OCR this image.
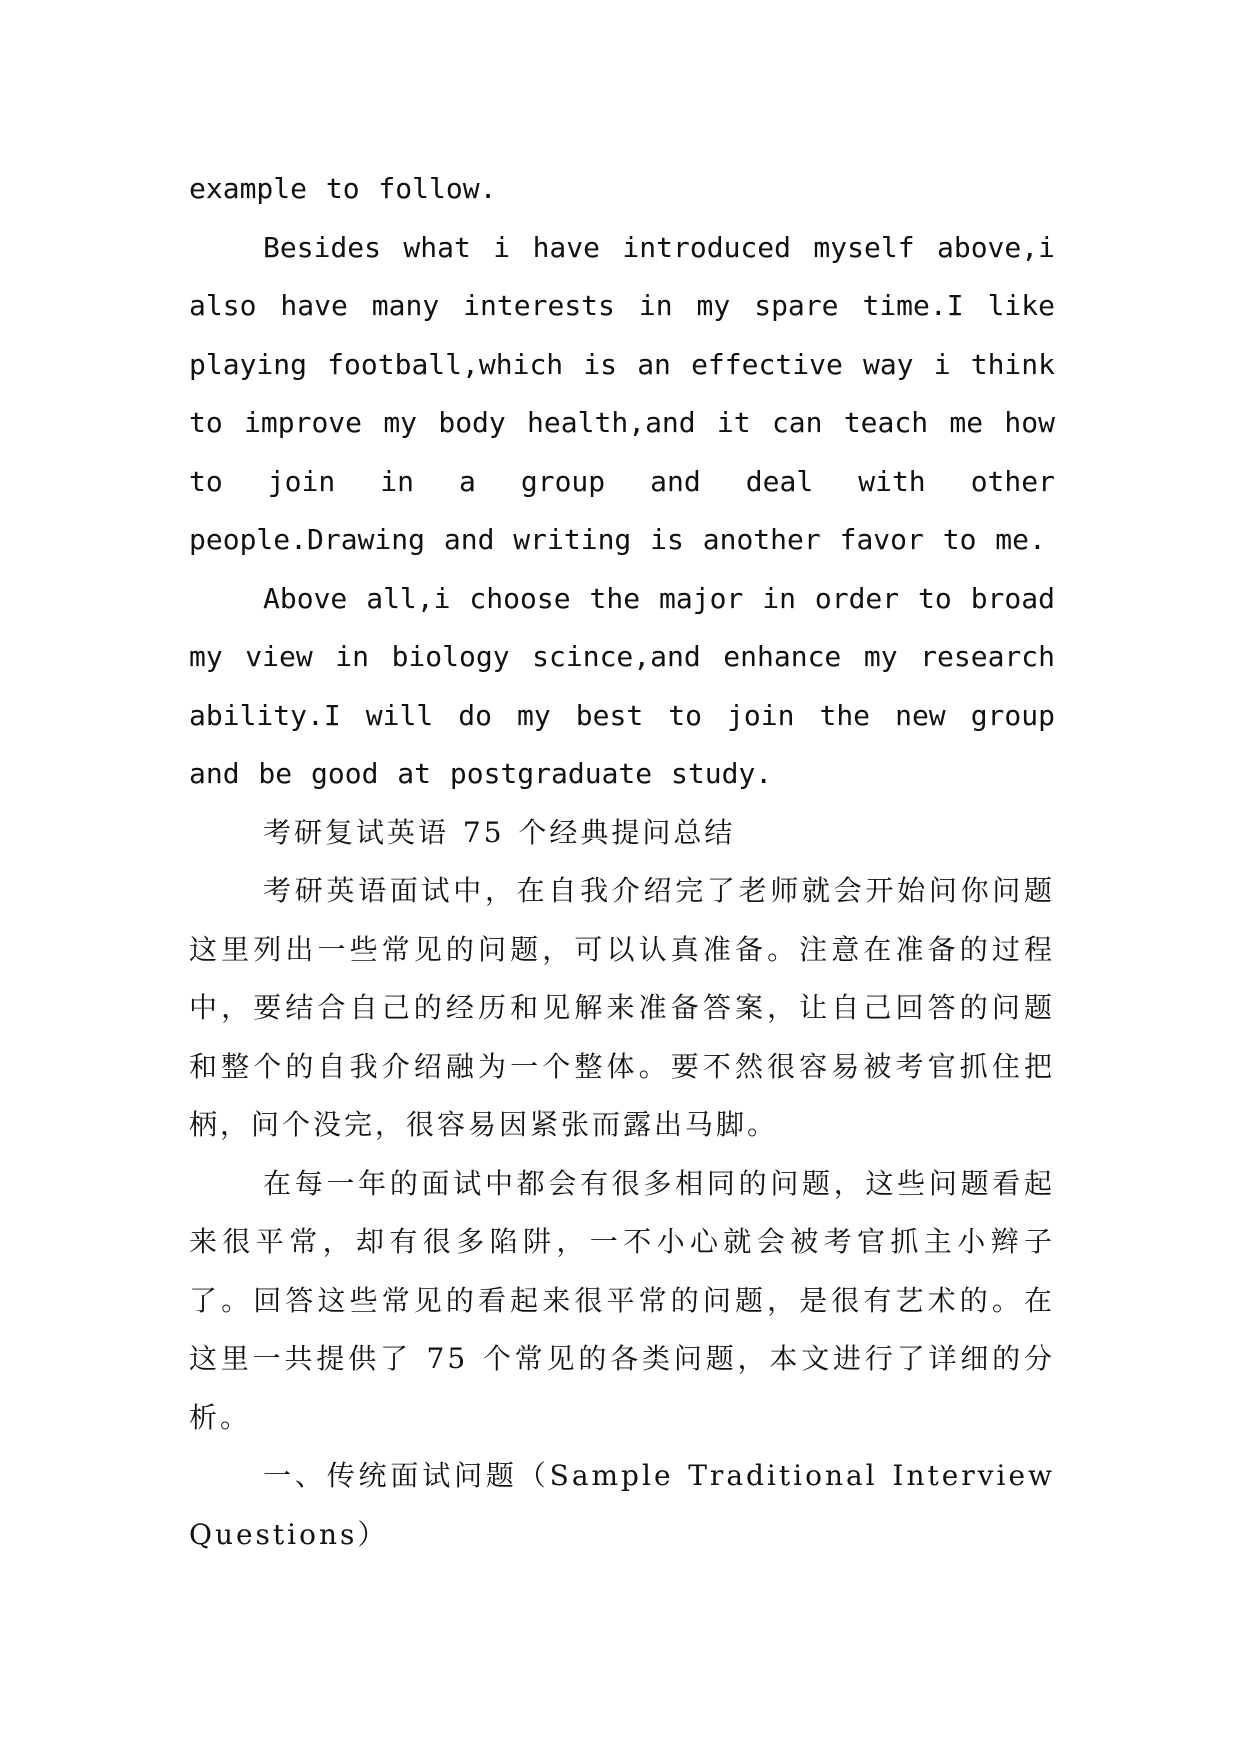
example to follow.

Besides what i have introduced myself above,i also have many interests in my spare time.I like playing football,which is an effective way i think to improve my body health,and it can teach me how to join in a group and deal with other people.Drawing and writing is another favor to me.

Above all,i choose the major in order to broad my view in biology scince,and enhance my research ability.I will do my best to join the new group and be good at postgraduate study.

考研复试英语 75 个经典提问总结

考研英语面试中，在自我介绍完了老师就会开始问你问题这里列出一些常见的问题，可以认真准备。注意在准备的过程中，要结合自己的经历和见解来准备答案，让自己回答的问题和整个的自我介绍融为一个整体。要不然很容易被考官抓住把柄，问个没完，很容易因紧张而露出马脚。

在每一年的面试中都会有很多相同的问题，这些问题看起来很平常，却有很多陷阱，一不小心就会被考官抓主小辫子了。回答这些常见的看起来很平常的问题，是很有艺术的。在这里一共提供了 75 个常见的各类问题，本文进行了详细的分析。

一、传统面试问题（Sample Traditional Interview Questions）
